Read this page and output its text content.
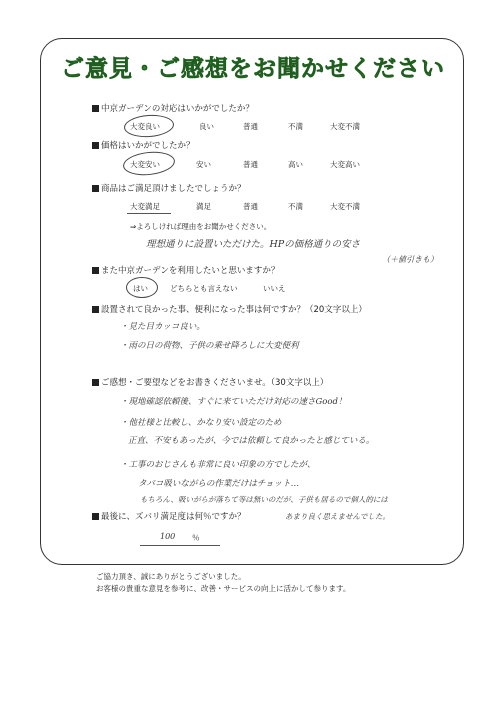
ご意見・ご感想をお聞かせください
中京ガーデンの対応はいかがでしたか？
大変良い	良い	普通	不満	大変不満
価格はいかがでしたか？
大変安い	安い	普通	高い	大変高い
商品はご満足頂けましたでしょうか？
大変満足	満足	普通	不満	大変不満
⇒よろしければ理由をお聞かせください。
理想通りに設置いただけた。HPの価格通りの安さ
（＋値引きも）
また中京ガーデンを利用したいと思いますか？
はい	どちらとも言えない	いいえ
設置されて良かった事、便利になった事は何ですか？（20文字以上）
・見た目カッコ良い。
・雨の日の荷物、子供の乗せ降ろしに大変便利
ご感想・ご要望などをお書きくださいませ。（30文字以上）
・現地確認依頼後、すぐに来ていただけ対応の速さGood！
・他社様と比較し、かなり安い設定のため
正直、不安もあったが、今では依頼して良かったと感じている。
・工事のおじさんも非常に良い印象の方でしたが、
タバコ吸いながらの作業だけはチョット…
もちろん、吸いがらが落ちて等は無いのだが、子供も居るので個人的には
あまり良く思えませんでした。
最後に、ズバリ満足度は何％ですか？
100 ％
ご協力頂き、誠にありがとうございました。
お客様の貴重な意見を参考に、改善・サービスの向上に活かして参ります。
